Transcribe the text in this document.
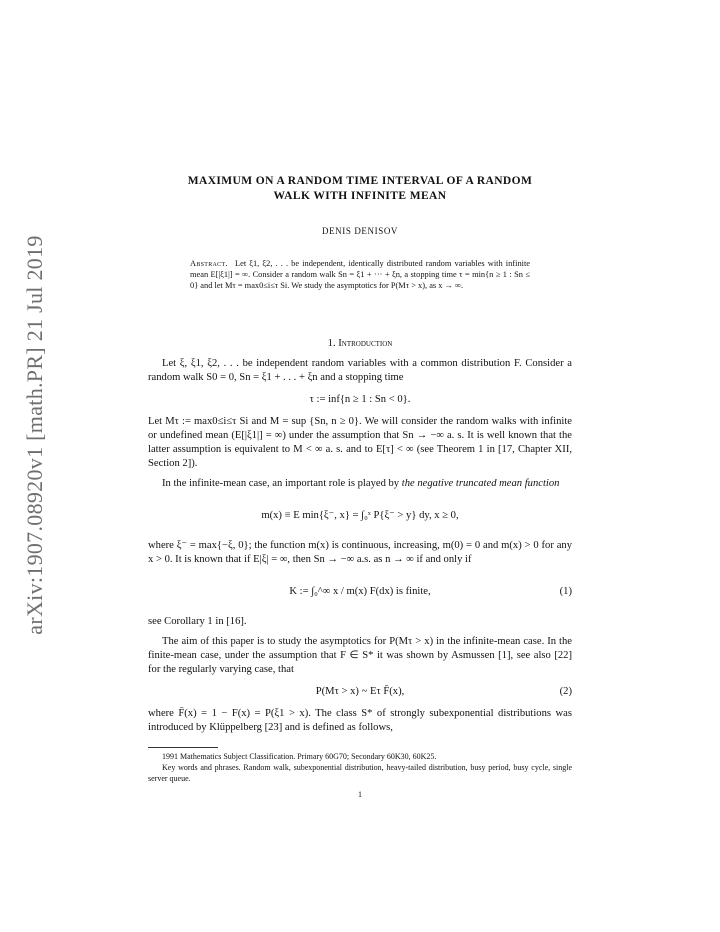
arXiv:1907.08920v1 [math.PR] 21 Jul 2019
MAXIMUM ON A RANDOM TIME INTERVAL OF A RANDOM
WALK WITH INFINITE MEAN
DENIS DENISOV
Abstract. Let ξ1, ξ2, . . . be independent, identically distributed random variables with infinite mean E[|ξ1|] = ∞. Consider a random walk Sn = ξ1 + ··· + ξn, a stopping time τ = min{n ≥ 1 : Sn ≤ 0} and let Mτ = max0≤i≤τ Si. We study the asymptotics for P(Mτ > x), as x → ∞.
1. Introduction

Let ξ, ξ1, ξ2, . . . be independent random variables with a common distribution F. Consider a random walk S0 = 0, Sn = ξ1 + . . . + ξn and a stopping time

τ := inf{n ≥ 1 : Sn < 0}.

Let Mτ := max0≤i≤τ Si and M = sup {Sn, n ≥ 0}. We will consider the random walks with infinite or undefined mean (E[|ξ1|] = ∞) under the assumption that Sn → −∞ a. s. It is well known that the latter assumption is equivalent to M < ∞ a. s. and to E[τ] < ∞ (see Theorem 1 in [17, Chapter XII, Section 2]).

In the infinite-mean case, an important role is played by the negative truncated mean function

m(x) ≡ E min{ξ⁻, x} = ∫₀ˣ P{ξ⁻ > y} dy, x ≥ 0,

where ξ⁻ = max{−ξ, 0}; the function m(x) is continuous, increasing, m(0) = 0 and m(x) > 0 for any x > 0. It is known that if E|ξ| = ∞, then Sn → −∞ a.s. as n → ∞ if and only if

K := ∫₀^∞ x / m(x) F(dx) is finite,	(1)

see Corollary 1 in [16].

The aim of this paper is to study the asymptotics for P(Mτ > x) in the infinite-mean case. In the finite-mean case, under the assumption that F ∈ S* it was shown by Asmussen [1], see also [22] for the regularly varying case, that

P(Mτ > x) ~ Eτ F̄(x),	(2)

where F̄(x) = 1 − F(x) = P(ξ1 > x). The class S* of strongly subexponential distributions was introduced by Klüppelberg [23] and is defined as follows,

1991 Mathematics Subject Classification. Primary 60G70; Secondary 60K30, 60K25.
Key words and phrases. Random walk, subexponential distribution, heavy-tailed distribution, busy period, busy cycle, single server queue.
1
